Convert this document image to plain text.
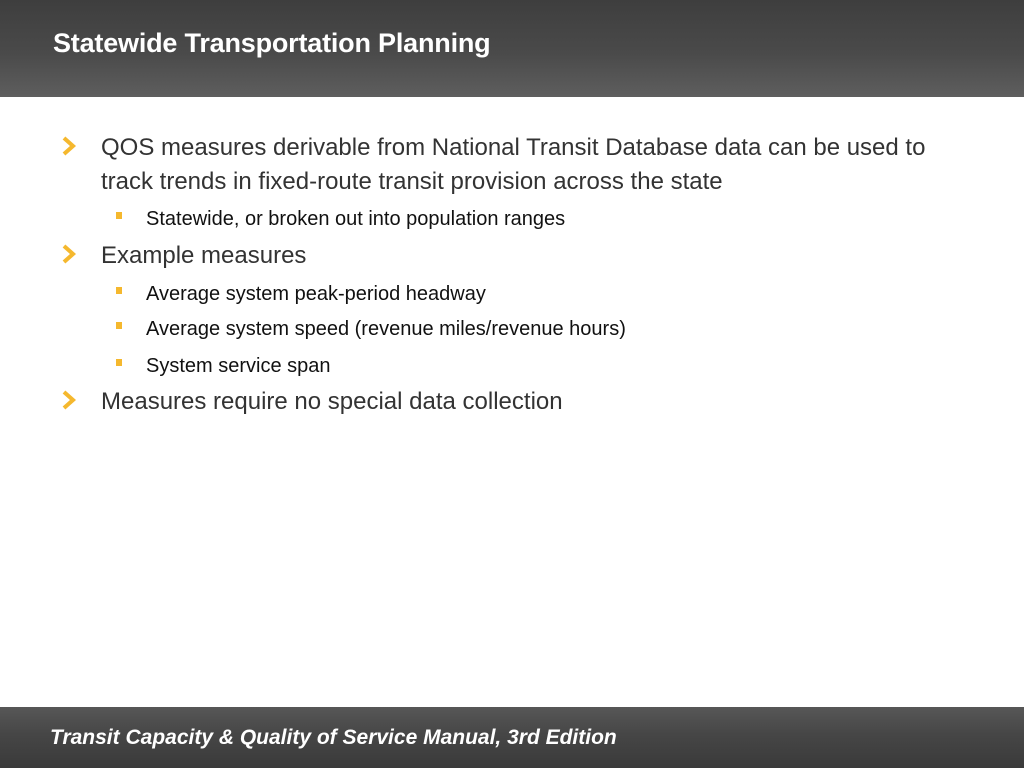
Statewide Transportation Planning
QOS measures derivable from National Transit Database data can be used to track trends in fixed-route transit provision across the state
Statewide, or broken out into population ranges
Example measures
Average system peak-period headway
Average system speed (revenue miles/revenue hours)
System service span
Measures require no special data collection
Transit Capacity & Quality of Service Manual, 3rd Edition
